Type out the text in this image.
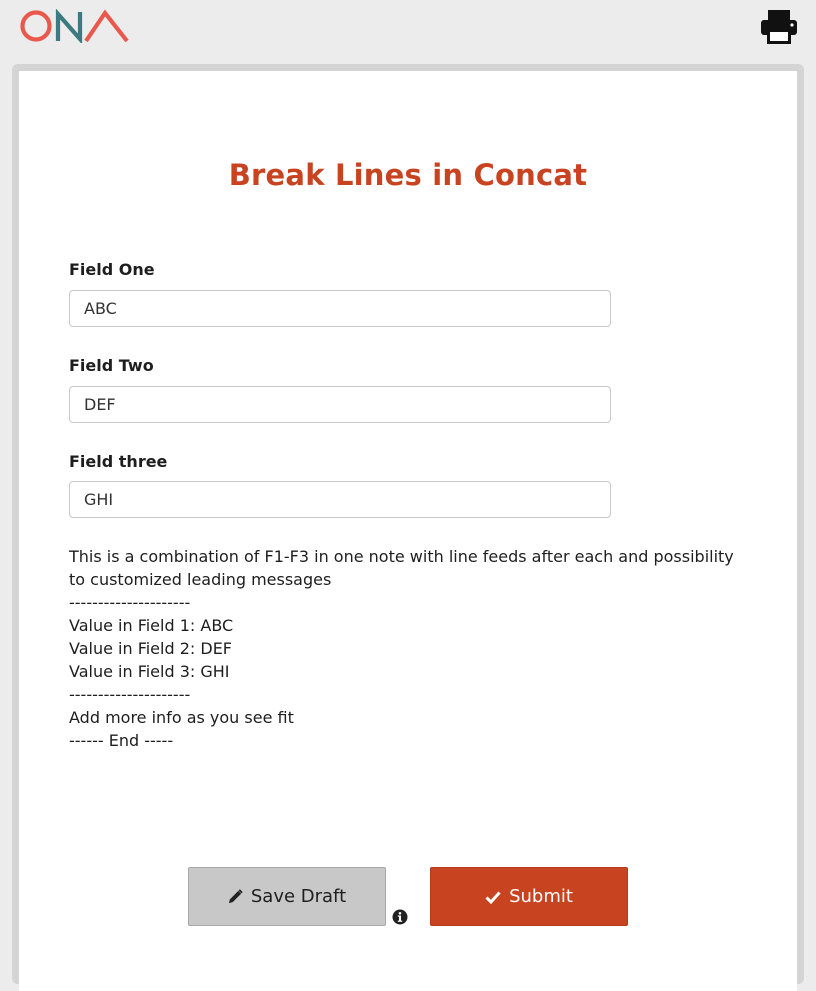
Break Lines in Concat
Field One
ABC
Field Two
DEF
Field three
GHI
This is a combination of F1-F3 in one note with line feeds after each and possibility to customized leading messages
---------------------
Value in Field 1: ABC
Value in Field 2: DEF
Value in Field 3: GHI
---------------------
Add more info as you see fit
------ End -----
Save Draft	Submit
